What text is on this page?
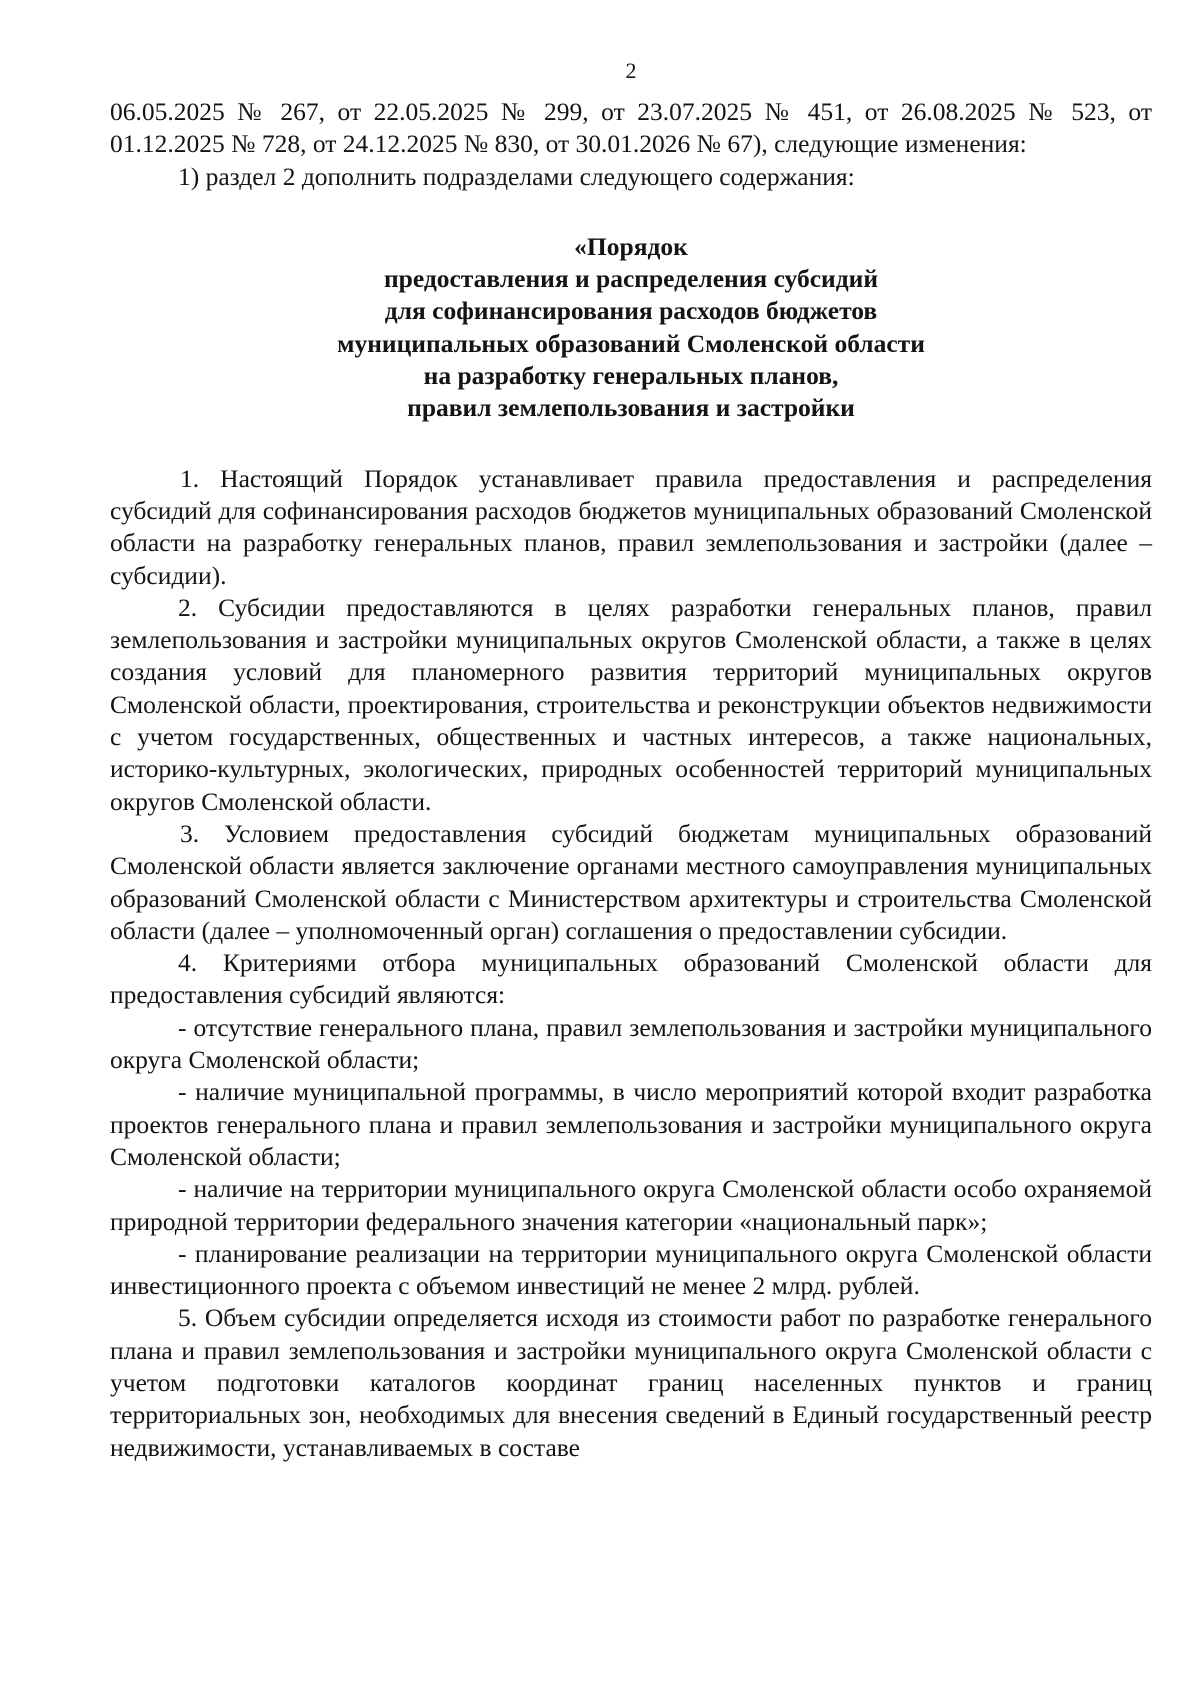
2
06.05.2025 № 267, от 22.05.2025 № 299, от 23.07.2025 № 451, от 26.08.2025 № 523, от 01.12.2025 № 728, от 24.12.2025 № 830, от 30.01.2026 № 67), следующие изменения:
1) раздел 2 дополнить подразделами следующего содержания:
«Порядок
предоставления и распределения субсидий
для софинансирования расходов бюджетов
муниципальных образований Смоленской области
на разработку генеральных планов,
правил землепользования и застройки
1. Настоящий Порядок устанавливает правила предоставления и распределения субсидий для софинансирования расходов бюджетов муниципальных образований Смоленской области на разработку генеральных планов, правил землепользования и застройки (далее – субсидии).
2. Субсидии предоставляются в целях разработки генеральных планов, правил землепользования и застройки муниципальных округов Смоленской области, а также в целях создания условий для планомерного развития территорий муниципальных округов Смоленской области, проектирования, строительства и реконструкции объектов недвижимости с учетом государственных, общественных и частных интересов, а также национальных, историко-культурных, экологических, природных особенностей территорий муниципальных округов Смоленской области.
3. Условием предоставления субсидий бюджетам муниципальных образований Смоленской области является заключение органами местного самоуправления муниципальных образований Смоленской области с Министерством архитектуры и строительства Смоленской области (далее – уполномоченный орган) соглашения о предоставлении субсидии.
4. Критериями отбора муниципальных образований Смоленской области для предоставления субсидий являются:
- отсутствие генерального плана, правил землепользования и застройки муниципального округа Смоленской области;
- наличие муниципальной программы, в число мероприятий которой входит разработка проектов генерального плана и правил землепользования и застройки муниципального округа Смоленской области;
- наличие на территории муниципального округа Смоленской области особо охраняемой природной территории федерального значения категории «национальный парк»;
- планирование реализации на территории муниципального округа Смоленской области инвестиционного проекта с объемом инвестиций не менее 2 млрд. рублей.
5. Объем субсидии определяется исходя из стоимости работ по разработке генерального плана и правил землепользования и застройки муниципального округа Смоленской области с учетом подготовки каталогов координат границ населенных пунктов и границ территориальных зон, необходимых для внесения сведений в Единый государственный реестр недвижимости, устанавливаемых в составе
